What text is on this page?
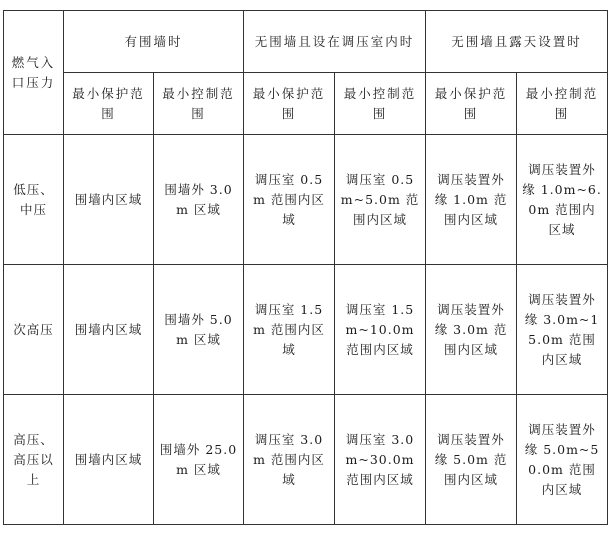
燃气入口压力	有围墙时		无围墙且设在调压室内时		无围墙且露天设置时	
	最小保护范围	最小控制范围	最小保护范围	最小控制范围	最小保护范围	最小控制范围
低压、中压	围墙内区域	围墙外 3.0m 区域	调压室 0.5m 范围内区域	调压室 0.5m~5.0m 范围内区域	调压装置外缘 1.0m 范围内区域	调压装置外缘 1.0m~6.0m 范围内区域
次高压	围墙内区域	围墙外 5.0m 区域	调压室 1.5m 范围内区域	调压室 1.5m~10.0m 范围内区域	调压装置外缘 3.0m 范围内区域	调压装置外缘 3.0m~15.0m 范围内区域
高压、高压以上	围墙内区域	围墙外 25.0m 区域	调压室 3.0m 范围内区域	调压室 3.0m~30.0m 范围内区域	调压装置外缘 5.0m 范围内区域	调压装置外缘 5.0m~50.0m 范围内区域
